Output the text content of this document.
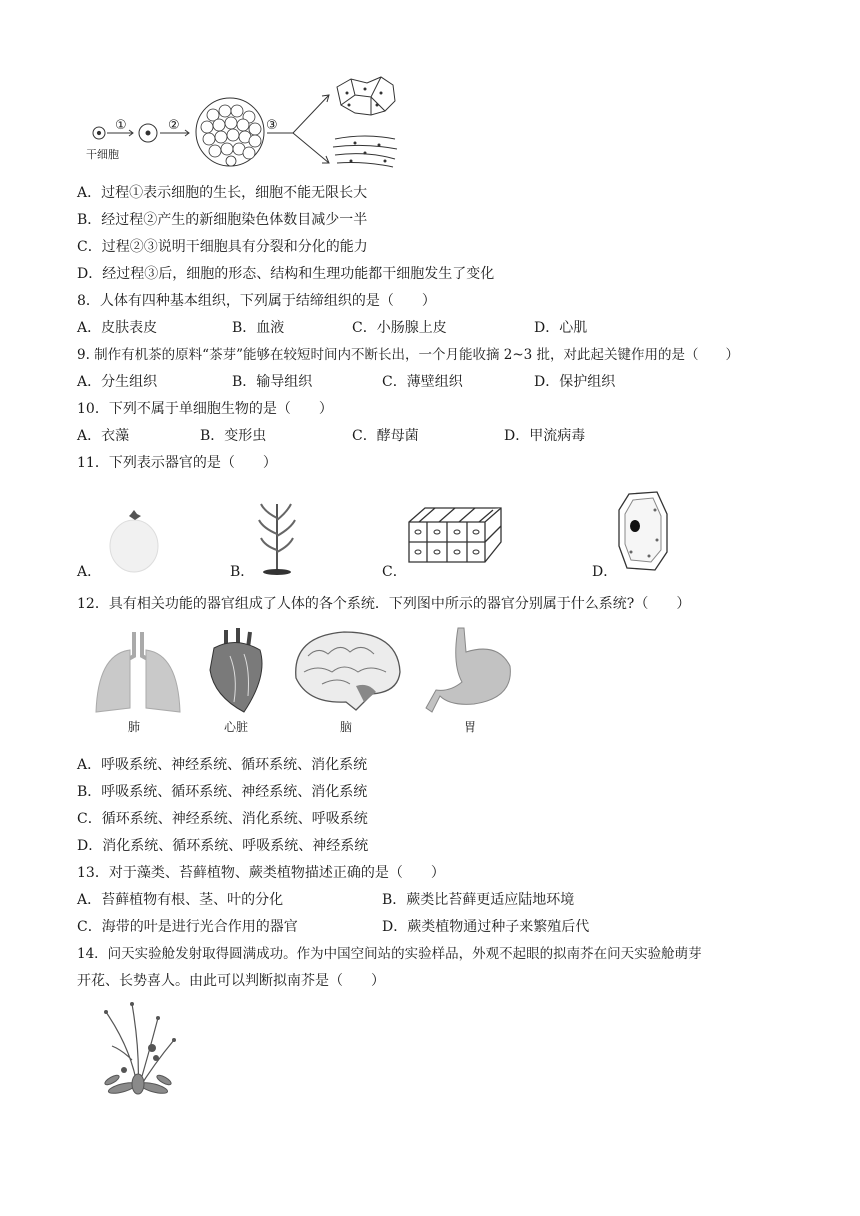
①	②	③
干细胞
A．过程①表示细胞的生长，细胞不能无限长大
B．经过程②产生的新细胞染色体数目减少一半
C．过程②③说明干细胞具有分裂和分化的能力
D．经过程③后，细胞的形态、结构和生理功能都干细胞发生了变化
8．人体有四种基本组织，下列属于结缔组织的是（　　）
A．皮肤表皮	B．血液	C．小肠腺上皮	D．心肌
9. 制作有机茶的原料“茶芽”能够在较短时间内不断长出，一个月能收摘 2~3 批，对此起关键作用的是（　　）
A．分生组织	B．输导组织	C．薄壁组织	D．保护组织
10．下列不属于单细胞生物的是（　　）
A．衣藻	B．变形虫	C．酵母菌	D．甲流病毒
11．下列表示器官的是（　　）
A．	B．	C．	D．
12．具有相关功能的器官组成了人体的各个系统．下列图中所示的器官分别属于什么系统?（　　）
肺	心脏	脑	胃
A．呼吸系统、神经系统、循环系统、消化系统
B．呼吸系统、循环系统、神经系统、消化系统
C．循环系统、神经系统、消化系统、呼吸系统
D．消化系统、循环系统、呼吸系统、神经系统
13．对于藻类、苔藓植物、蕨类植物描述正确的是（　　）
A．苔藓植物有根、茎、叶的分化	B．蕨类比苔藓更适应陆地环境
C．海带的叶是进行光合作用的器官	D．蕨类植物通过种子来繁殖后代
14．问天实验舱发射取得圆满成功。作为中国空间站的实验样品，外观不起眼的拟南芥在问天实验舱萌芽
开花、长势喜人。由此可以判断拟南芥是（　　）
